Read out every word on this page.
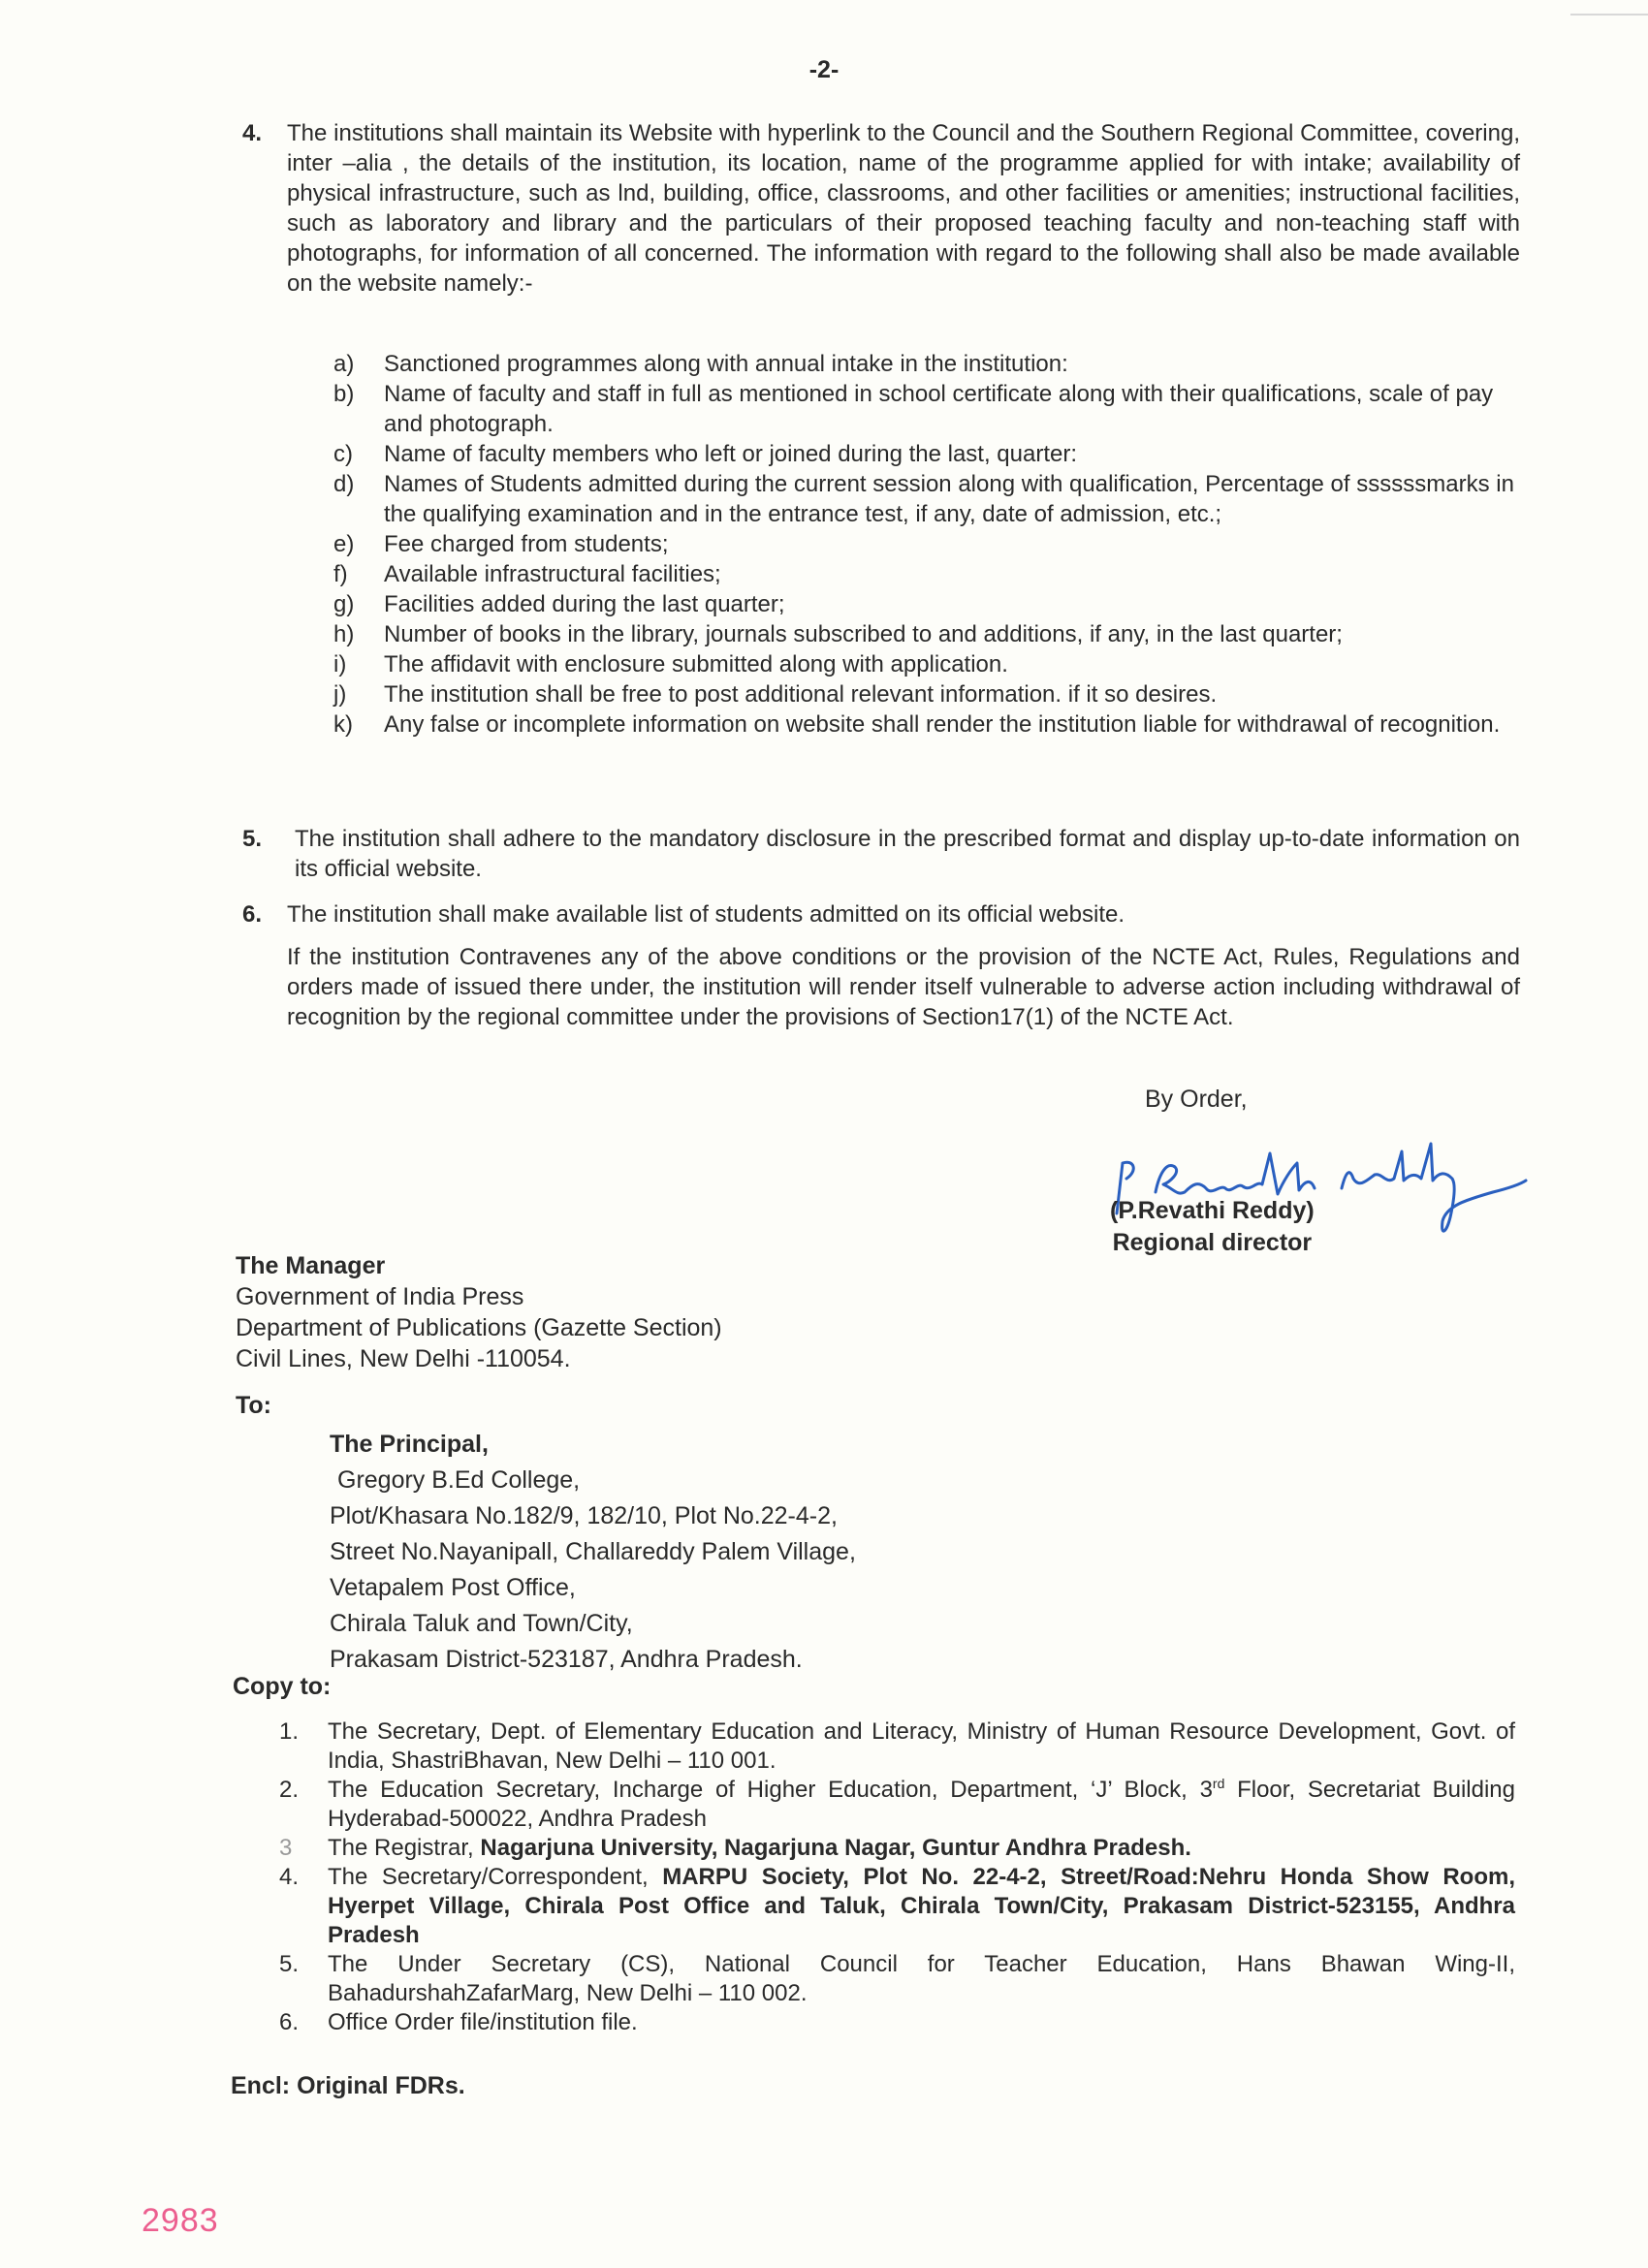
-2-
4. The institutions shall maintain its Website with hyperlink to the Council and the Southern Regional Committee, covering, inter –alia , the details of the institution, its location, name of the programme applied for with intake; availability of physical infrastructure, such as lnd, building, office, classrooms, and other facilities or amenities; instructional facilities, such as laboratory and library and the particulars of their proposed teaching faculty and non-teaching staff with photographs, for information of all concerned. The information with regard to the following shall also be made available on the website namely:-
a) Sanctioned programmes along with annual intake in the institution:
b) Name of faculty and staff in full as mentioned in school certificate along with their qualifications, scale of pay and photograph.
c) Name of faculty members who left or joined during the last, quarter:
d) Names of Students admitted during the current session along with qualification, Percentage of ssssssmarks in the qualifying examination and in the entrance test, if any, date of admission, etc.;
e) Fee charged from students;
f) Available infrastructural facilities;
g) Facilities added during the last quarter;
h) Number of books in the library, journals subscribed to and additions, if any, in the last quarter;
i) The affidavit with enclosure submitted along with application.
j) The institution shall be free to post additional relevant information. if it so desires.
k) Any false or incomplete information on website shall render the institution liable for withdrawal of recognition.
5. The institution shall adhere to the mandatory disclosure in the prescribed format and display up-to-date information on its official website.
6. The institution shall make available list of students admitted on its official website.
If the institution Contravenes any of the above conditions or the provision of the NCTE Act, Rules, Regulations and orders made of issued there under, the institution will render itself vulnerable to adverse action including withdrawal of recognition by the regional committee under the provisions of Section17(1) of the NCTE Act.
By Order,
(P.Revathi Reddy)
Regional director
The Manager
Government of India Press
Department of Publications (Gazette Section)
Civil Lines, New Delhi -110054.
To:
The Principal,
Gregory B.Ed College,
Plot/Khasara No.182/9, 182/10, Plot No.22-4-2,
Street No.Nayanipall, Challareddy Palem Village,
Vetapalem Post Office,
Chirala Taluk and Town/City,
Prakasam District-523187, Andhra Pradesh.
Copy to:
1. The Secretary, Dept. of Elementary Education and Literacy, Ministry of Human Resource Development, Govt. of India, ShastriBhavan, New Delhi – 110 001.
2. The Education Secretary, Incharge of Higher Education, Department, ‘J’ Block, 3rd Floor, Secretariat Building Hyderabad-500022, Andhra Pradesh
3 The Registrar, Nagarjuna University, Nagarjuna Nagar, Guntur Andhra Pradesh.
4. The Secretary/Correspondent, MARPU Society, Plot No. 22-4-2, Street/Road:Nehru Honda Show Room, Hyerpet Village, Chirala Post Office and Taluk, Chirala Town/City, Prakasam District-523155, Andhra Pradesh
5. The Under Secretary (CS), National Council for Teacher Education, Hans Bhawan Wing-II, BahadurshahZafarMarg, New Delhi – 110 002.
6. Office Order file/institution file.
Encl: Original FDRs.
2983
